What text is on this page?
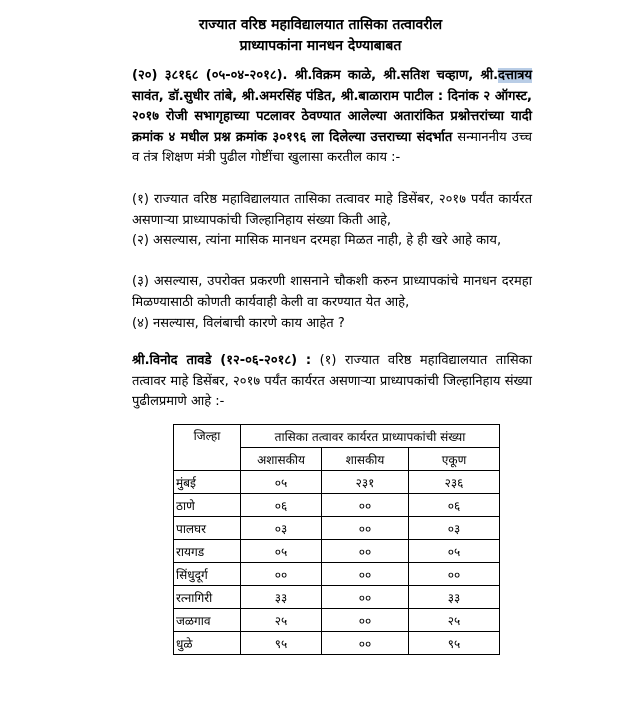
राज्यात वरिष्ठ महाविद्यालयात तासिका तत्वावरील
प्राध्यापकांना मानधन देण्याबाबत
(२०) ३८१६८ (०५-०४-२०१८). श्री.विक्रम काळे, श्री.सतिश चव्हाण, श्री.दत्तात्रय सावंत, डॉ.सुधीर तांबे, श्री.अमरसिंह पंडित, श्री.बाळाराम पाटील : दिनांक २ ऑगस्ट, २०१७ रोजी सभागृहाच्या पटलावर ठेवण्यात आलेल्या अतारांकित प्रश्नोत्तरांच्या यादी क्रमांक ४ मधील प्रश्न क्रमांक ३०१९६ ला दिलेल्या उत्तराच्या संदर्भात सन्माननीय उच्च व तंत्र शिक्षण मंत्री पुढील गोष्टींचा खुलासा करतील काय :-
(१) राज्यात वरिष्ठ महाविद्यालयात तासिका तत्वावर माहे डिसेंबर, २०१७ पर्यंत कार्यरत असणाऱ्या प्राध्यापकांची जिल्हानिहाय संख्या किती आहे,
(२) असल्यास, त्यांना मासिक मानधन दरमहा मिळत नाही, हे ही खरे आहे काय,
(३) असल्यास, उपरोक्त प्रकरणी शासनाने चौकशी करुन प्राध्यापकांचे मानधन दरमहा मिळण्यासाठी कोणती कार्यवाही केली वा करण्यात येत आहे,
(४) नसल्यास, विलंबाची कारणे काय आहेत ?
श्री.विनोद तावडे (१२-०६-२०१८) : (१) राज्यात वरिष्ठ महाविद्यालयात तासिका तत्वावर माहे डिसेंबर, २०१७ पर्यंत कार्यरत असणाऱ्या प्राध्यापकांची जिल्हानिहाय संख्या पुढीलप्रमाणे आहे :-
जिल्हा	तासिका तत्वावर कार्यरत प्राध्यापकांची संख्या		
	अशासकीय	शासकीय	एकूण
मुंबई	०५	२३१	२३६
ठाणे	०६	००	०६
पालघर	०३	००	०३
रायगड	०५	००	०५
सिंधुदूर्ग	००	००	००
रत्नागिरी	३३	००	३३
जळगाव	२५	००	२५
धुळे	९५	००	९५
